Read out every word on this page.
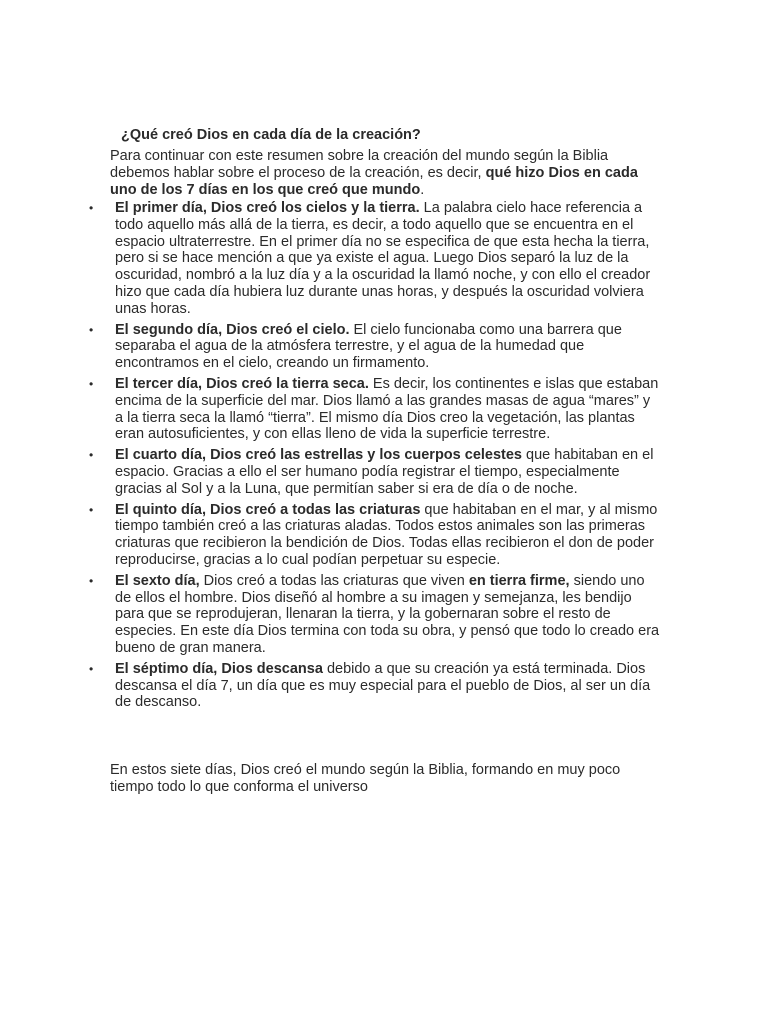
¿Qué creó Dios en cada día de la creación?

Para continuar con este resumen sobre la creación del mundo según la Biblia debemos hablar sobre el proceso de la creación, es decir, qué hizo Dios en cada uno de los 7 días en los que creó que mundo.

• El primer día, Dios creó los cielos y la tierra. La palabra cielo hace referencia a todo aquello más allá de la tierra, es decir, a todo aquello que se encuentra en el espacio ultraterrestre. En el primer día no se especifica de que esta hecha la tierra, pero si se hace mención a que ya existe el agua. Luego Dios separó la luz de la oscuridad, nombró a la luz día y a la oscuridad la llamó noche, y con ello el creador hizo que cada día hubiera luz durante unas horas, y después la oscuridad volviera unas horas.
• El segundo día, Dios creó el cielo. El cielo funcionaba como una barrera que separaba el agua de la atmósfera terrestre, y el agua de la humedad que encontramos en el cielo, creando un firmamento.
• El tercer día, Dios creó la tierra seca. Es decir, los continentes e islas que estaban encima de la superficie del mar. Dios llamó a las grandes masas de agua “mares” y a la tierra seca la llamó “tierra”. El mismo día Dios creo la vegetación, las plantas eran autosuficientes, y con ellas lleno de vida la superficie terrestre.
• El cuarto día, Dios creó las estrellas y los cuerpos celestes que habitaban en el espacio. Gracias a ello el ser humano podía registrar el tiempo, especialmente gracias al Sol y a la Luna, que permitían saber si era de día o de noche.
• El quinto día, Dios creó a todas las criaturas que habitaban en el mar, y al mismo tiempo también creó a las criaturas aladas. Todos estos animales son las primeras criaturas que recibieron la bendición de Dios. Todas ellas recibieron el don de poder reproducirse, gracias a lo cual podían perpetuar su especie.
• El sexto día, Dios creó a todas las criaturas que viven en tierra firme, siendo uno de ellos el hombre. Dios diseñó al hombre a su imagen y semejanza, les bendijo para que se reprodujeran, llenaran la tierra, y la gobernaran sobre el resto de especies. En este día Dios termina con toda su obra, y pensó que todo lo creado era bueno de gran manera.
• El séptimo día, Dios descansa debido a que su creación ya está terminada. Dios descansa el día 7, un día que es muy especial para el pueblo de Dios, al ser un día de descanso.

En estos siete días, Dios creó el mundo según la Biblia, formando en muy poco tiempo todo lo que conforma el universo
